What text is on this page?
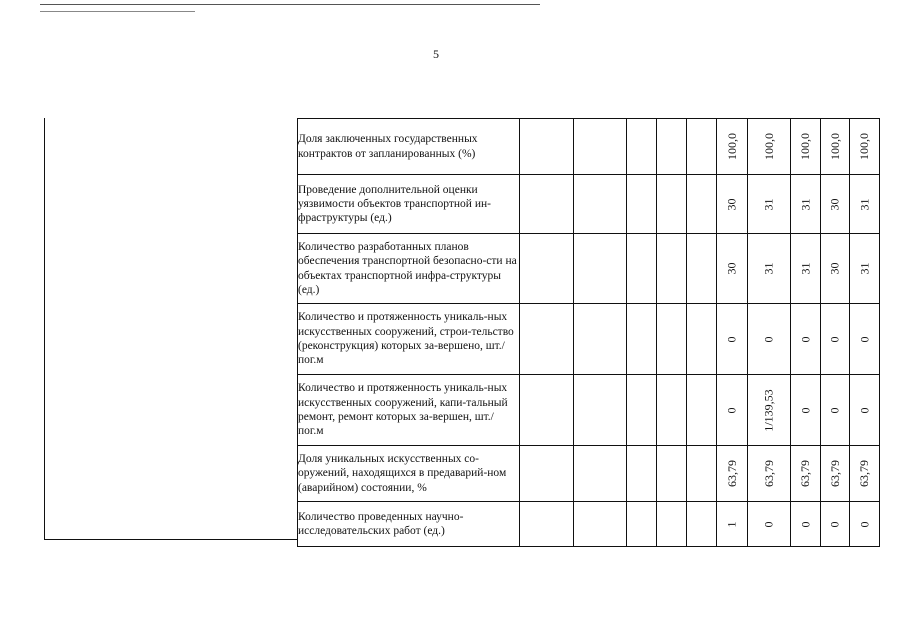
5
Доля заключенных государственных контрактов от запланированных (%)						100,0	100,0	100,0	100,0	100,0
Проведение дополнительной оценки уязвимости объектов транспортной ин-фраструктуры (ед.)						30	31	31	30	31
Количество разработанных планов обеспечения транспортной безопасно-сти на объектах транспортной инфра-структуры (ед.)						30	31	31	30	31
Количество и протяженность уникаль-ных искусственных сооружений, строи-тельство (реконструкция) которых за-вершено, шт./пог.м						0	0	0	0	0
Количество и протяженность уникаль-ных искусственных сооружений, капи-тальный ремонт, ремонт которых за-вершен, шт./пог.м						0	1/139,53	0	0	0
Доля уникальных искусственных со-оружений, находящихся в предаварий-ном (аварийном) состоянии, %						63,79	63,79	63,79	63,79	63,79
Количество проведенных научно-исследовательских работ (ед.)						1	0	0	0	0
